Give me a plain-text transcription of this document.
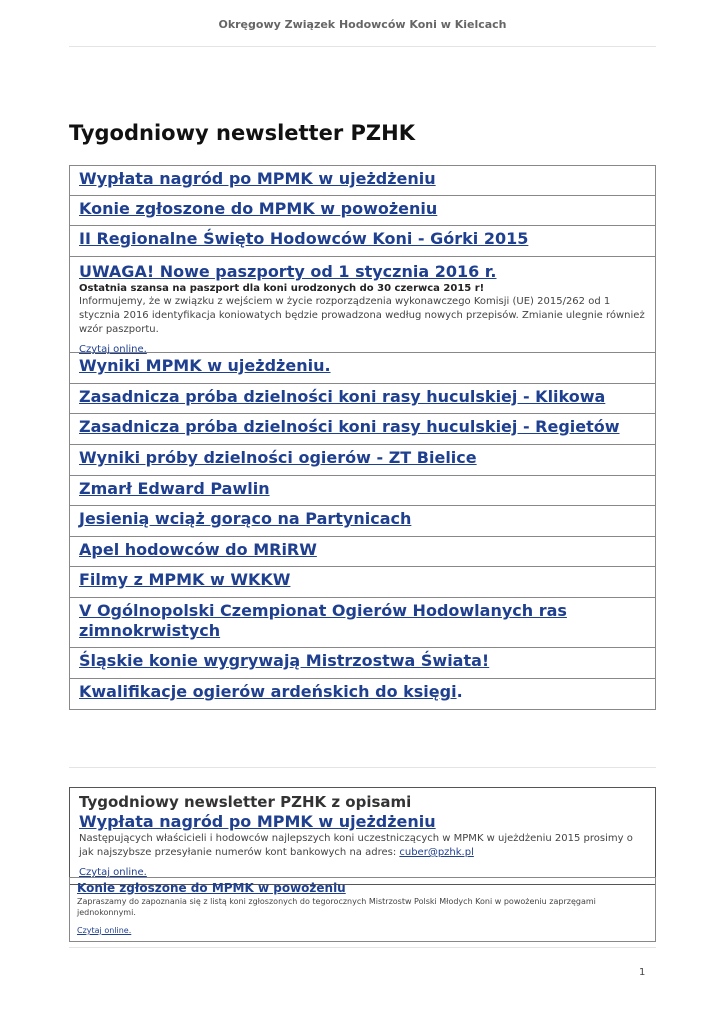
Okręgowy Związek Hodowców Koni w Kielcach
Tygodniowy newsletter PZHK
Wypłata nagród po MPMK w ujeżdżeniu
Konie zgłoszone do MPMK w powożeniu
II Regionalne Święto Hodowców Koni - Górki 2015
UWAGA! Nowe paszporty od 1 stycznia 2016 r.
Ostatnia szansa na paszport dla koni urodzonych do 30 czerwca 2015 r!
Informujemy, że w związku z wejściem w życie rozporządzenia wykonawczego Komisji (UE) 2015/262 od 1 stycznia 2016 identyfikacja koniowatych będzie prowadzona według nowych przepisów. Zmianie ulegnie również wzór paszportu.
Czytaj online.
Wyniki MPMK w ujeżdżeniu.
Zasadnicza próba dzielności koni rasy huculskiej - Klikowa
Zasadnicza próba dzielności koni rasy huculskiej - Regietów
Wyniki próby dzielności ogierów - ZT Bielice
Zmarł Edward Pawlin
Jesienią wciąż gorąco na Partynicach
Apel hodowców do MRiRW
Filmy z MPMK w WKKW
V Ogólnopolski Czempionat Ogierów Hodowlanych ras zimnokrwistych
Śląskie konie wygrywają Mistrzostwa Świata!
Kwalifikacje ogierów ardeńskich do księgi.
Tygodniowy newsletter PZHK z opisami
Wypłata nagród po MPMK w ujeżdżeniu
Następujących właścicieli i hodowców najlepszych koni uczestniczących w MPMK w ujeżdżeniu 2015 prosimy o jak najszybsze przesyłanie numerów kont bankowych na adres: cuber@pzhk.pl
Czytaj online.
Konie zgłoszone do MPMK w powożeniu
Zapraszamy do zapoznania się z listą koni zgłoszonych do tegorocznych Mistrzostw Polski Młodych Koni w powożeniu zaprzęgami jednokonnymi.
Czytaj online.
1
